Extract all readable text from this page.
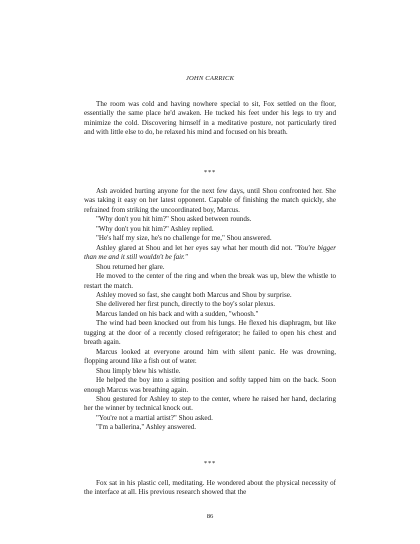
JOHN CARRICK

The room was cold and having nowhere special to sit, Fox settled on the floor, essentially the same place he'd awaken. He tucked his feet under his legs to try and minimize the cold. Discovering himself in a meditative posture, not particularly tired and with little else to do, he relaxed his mind and focused on his breath.

***

Ash avoided hurting anyone for the next few days, until Shou confronted her. She was taking it easy on her latest opponent. Capable of finishing the match quickly, she refrained from striking the uncoordinated boy, Marcus.

"Why don't you hit him?" Shou asked between rounds.

"Why don't you hit him?" Ashley replied.

"He's half my size, he's no challenge for me," Shou answered.

Ashley glared at Shou and let her eyes say what her mouth did not. "You're bigger than me and it still wouldn't be fair."

Shou returned her glare.

He moved to the center of the ring and when the break was up, blew the whistle to restart the match.

Ashley moved so fast, she caught both Marcus and Shou by surprise.

She delivered her first punch, directly to the boy's solar plexus.

Marcus landed on his back and with a sudden, "whoosh."

The wind had been knocked out from his lungs. He flexed his diaphragm, but like tugging at the door of a recently closed refrigerator; he failed to open his chest and breath again.

Marcus looked at everyone around him with silent panic. He was drowning, flopping around like a fish out of water.

Shou limply blew his whistle.

He helped the boy into a sitting position and softly tapped him on the back. Soon enough Marcus was breathing again.

Shou gestured for Ashley to step to the center, where he raised her hand, declaring her the winner by technical knock out.

"You're not a martial artist?" Shou asked.

"I'm a ballerina," Ashley answered.

***

Fox sat in his plastic cell, meditating. He wondered about the physical necessity of the interface at all. His previous research showed that the

86
